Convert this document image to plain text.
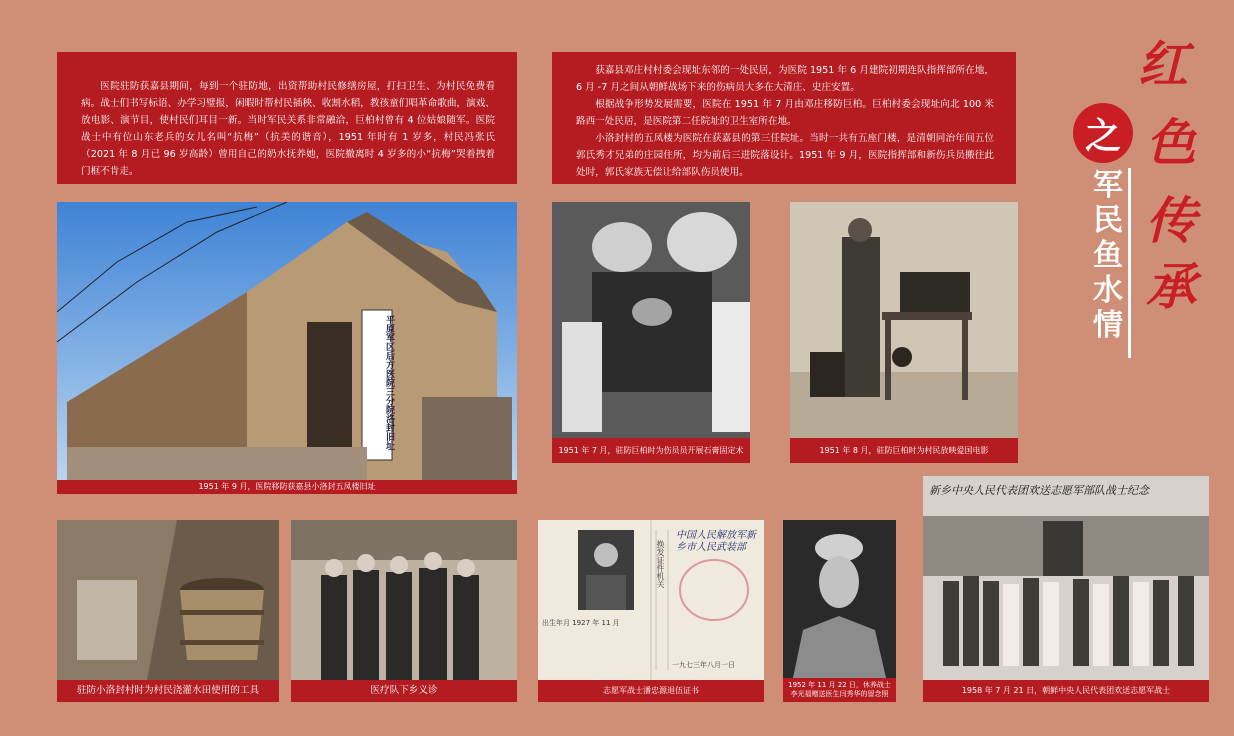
医院驻防获嘉县期间，每到一个驻防地，出资帮助村民修缮房屋，打扫卫生、为村民免费看病。战士们书写标语、办学习璧报，闲暇时帮村民插秧、收割水稻，教孩童们唱革命歌曲，演戏、放电影、演节目，使村民们耳目一新。当时军民关系非常融洽，巨柏村曾有 4 位姑娘随军。医院战士中有位山东老兵的女儿名叫“抗梅”（抗美的谐音），1951 年时有 1 岁多，村民冯张氏（2021 年 8 月已 96 岁高龄）曾用自己的奶水抚养她，医院撤离时 4 岁多的小“抗梅”哭着拽着门框不肯走。

获嘉县邓庄村村委会现址东邻的一处民居，为医院 1951 年 6 月建院初期连队指挥部所在地，6 月 -7 月之间从朝鲜战场下来的伤病员大多在大清庄、史庄安置。

根据战争形势发展需要，医院在 1951 年 7 月由邓庄移防巨柏。巨柏村委会现址向北 100 米路西一处民居，是医院第二任院址的卫生室所在地。

小洛封村的五凤楼为医院在获嘉县的第三任院址。当时一共有五座门楼，是清朝同治年间五位郭氏秀才兄弟的庄园住所，均为前后三进院落设计。1951 年 9 月，医院指挥部和新伤兵员搬往此处时，郭氏家族无偿让给部队伤员使用。

红
色
传
承
之
军
民
鱼
水
情
平原军区后方医院三分院洛封旧址
1951 年 9 月，医院移防获嘉县小洛封五凤楼旧址
1951 年 7 月，驻防巨柏时为伤员员开展石膏固定术	1951 年 8 月，驻防巨柏时为村民放映爱国电影
驻防小洛封村时为村民浇灌水田使用的工具	医疗队下乡义诊
换发证件机关
中国人民解放军新乡市人民武装部
出生年月 1927 年 11 月
一九七三年八月一日
志愿军战士潘忠源退伍证书
1952 年 11 月 22 日，休养战士
李光福赠送医生闫秀华的留念照
新乡中央人民代表团欢送志愿军部队战士纪念
1958 年 7 月 21 日，朝鲜中央人民代表团欢送志愿军战士
